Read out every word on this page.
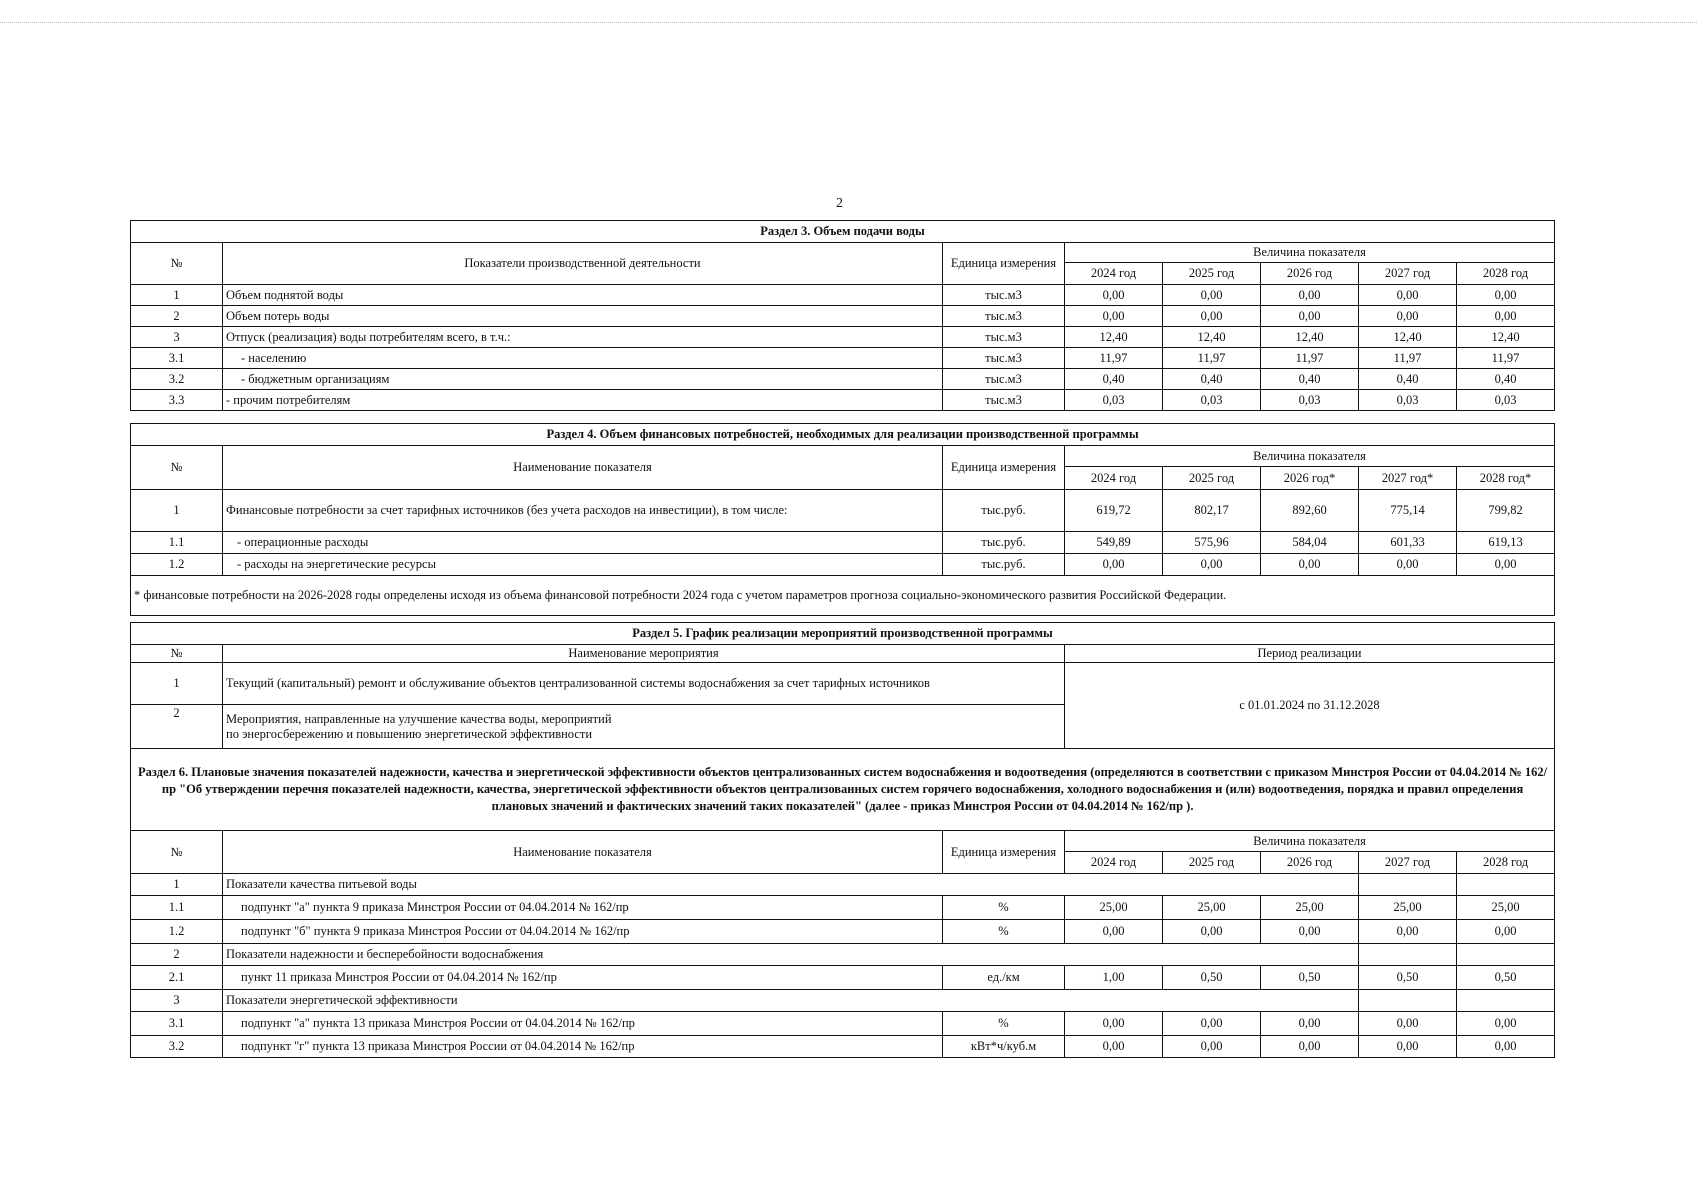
2
Раздел 3. Объем подачи воды							
№	Показатели производственной деятельности	Единица измерения	Величина показателя				
			2024 год	2025 год	2026 год	2027 год	2028 год
1	Объем поднятой воды	тыс.м3	0,00	0,00	0,00	0,00	0,00
2	Объем потерь воды	тыс.м3	0,00	0,00	0,00	0,00	0,00
3	Отпуск (реализация) воды потребителям всего, в т.ч.:	тыс.м3	12,40	12,40	12,40	12,40	12,40
3.1	- населению	тыс.м3	11,97	11,97	11,97	11,97	11,97
3.2	- бюджетным организациям	тыс.м3	0,40	0,40	0,40	0,40	0,40
3.3	- прочим потребителям	тыс.м3	0,03	0,03	0,03	0,03	0,03
Раздел 4. Объем финансовых потребностей, необходимых для реализации производственной программы							
№	Наименование показателя	Единица измерения	Величина показателя				
			2024 год	2025 год	2026 год*	2027 год*	2028 год*
1	Финансовые потребности за счет тарифных источников (без учета расходов на инвестиции), в том числе:	тыс.руб.	619,72	802,17	892,60	775,14	799,82
1.1	- операционные расходы	тыс.руб.	549,89	575,96	584,04	601,33	619,13
1.2	- расходы на энергетические ресурсы	тыс.руб.	0,00	0,00	0,00	0,00	0,00
* финансовые потребности на 2026-2028 годы определены исходя из объема финансовой потребности 2024 года с учетом параметров прогноза социально-экономического развития Российской Федерации.							
Раздел 5. График реализации мероприятий производственной программы		
№	Наименование мероприятия	Период реализации
1	Текущий (капитальный) ремонт и обслуживание объектов централизованной системы водоснабжения за счет тарифных источников	с 01.01.2024 по 31.12.2028
2	Мероприятия, направленные на улучшение качества воды, мероприятий
по энергосбережению и повышению энергетической эффективности	
Раздел 6. Плановые значения показателей надежности, качества и энергетической эффективности объектов централизованных систем водоснабжения и водоотведения (определяются в соответствии с приказом Минстроя России от 04.04.2014 № 162/пр "Об утверждении перечня показателей надежности, качества, энергетической эффективности объектов централизованных систем горячего водоснабжения, холодного водоснабжения и (или) водоотведения, порядка и правил определения плановых значений и фактических значений таких показателей" (далее - приказ Минстроя России от 04.04.2014 № 162/пр ).							
№	Наименование показателя	Единица измерения	Величина показателя				
			2024 год	2025 год	2026 год	2027 год	2028 год
1	Показатели качества питьевой воды						
1.1	подпункт "а" пункта 9 приказа Минстроя России от 04.04.2014 № 162/пр	%	25,00	25,00	25,00	25,00	25,00
1.2	подпункт "б" пункта 9 приказа Минстроя России от 04.04.2014 № 162/пр	%	0,00	0,00	0,00	0,00	0,00
2	Показатели надежности и бесперебойности водоснабжения						
2.1	пункт 11 приказа Минстроя России от 04.04.2014 № 162/пр	ед./км	1,00	0,50	0,50	0,50	0,50
3	Показатели энергетической эффективности						
3.1	подпункт "а" пункта 13 приказа Минстроя России от 04.04.2014 № 162/пр	%	0,00	0,00	0,00	0,00	0,00
3.2	подпункт "г" пункта 13 приказа Минстроя России от 04.04.2014 № 162/пр	кВт*ч/куб.м	0,00	0,00	0,00	0,00	0,00
